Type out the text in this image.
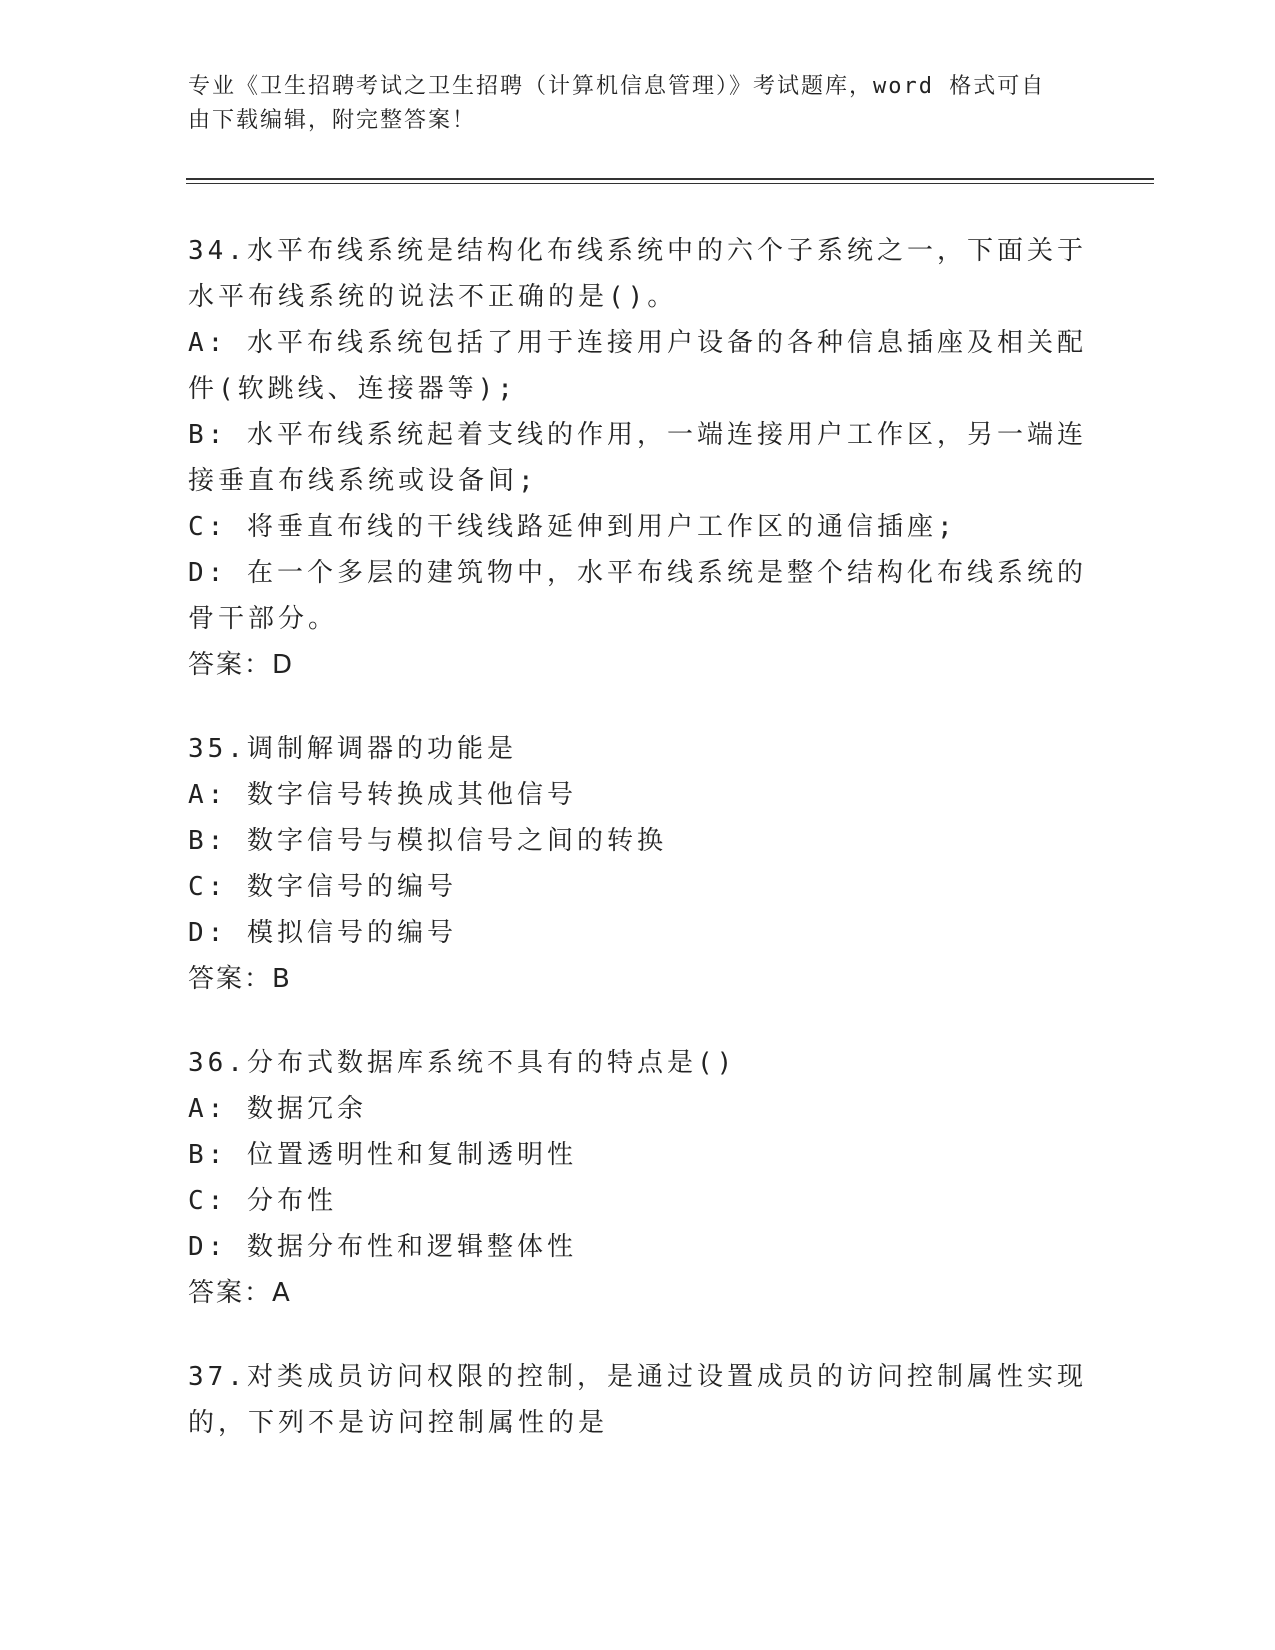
专业《卫生招聘考试之卫生招聘（计算机信息管理）》考试题库，word 格式可自由下载编辑，附完整答案！
34.水平布线系统是结构化布线系统中的六个子系统之一，下面关于水平布线系统的说法不正确的是()。
A: 水平布线系统包括了用于连接用户设备的各种信息插座及相关配件(软跳线、连接器等);
B: 水平布线系统起着支线的作用，一端连接用户工作区，另一端连接垂直布线系统或设备间;
C: 将垂直布线的干线线路延伸到用户工作区的通信插座;
D: 在一个多层的建筑物中，水平布线系统是整个结构化布线系统的骨干部分。
答案：D
35.调制解调器的功能是
A: 数字信号转换成其他信号
B: 数字信号与模拟信号之间的转换
C: 数字信号的编号
D: 模拟信号的编号
答案：B
36.分布式数据库系统不具有的特点是()
A: 数据冗余
B: 位置透明性和复制透明性
C: 分布性
D: 数据分布性和逻辑整体性
答案：A
37.对类成员访问权限的控制，是通过设置成员的访问控制属性实现的，下列不是访问控制属性的是
